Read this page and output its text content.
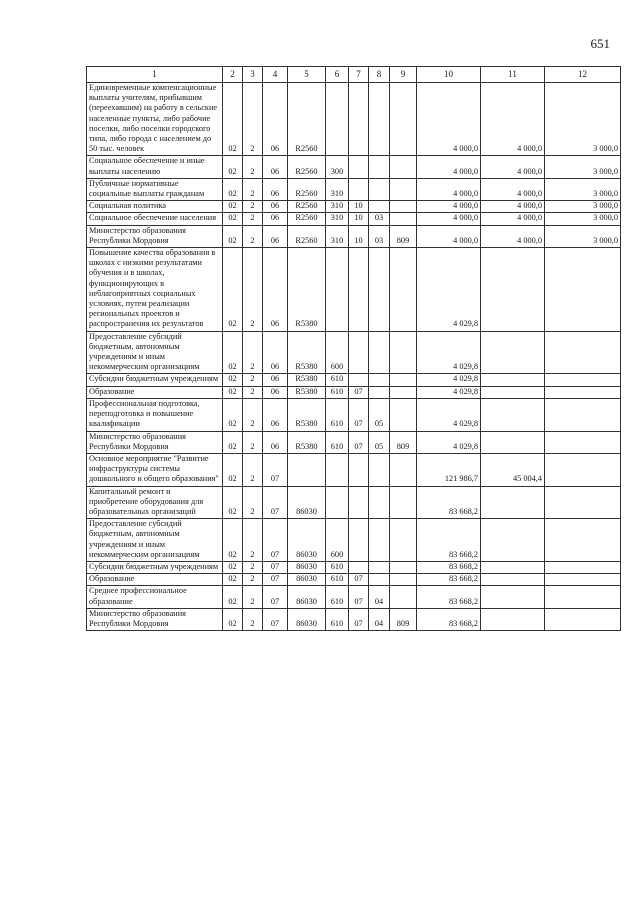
651
1	2	3	4	5	6	7	8	9	10	11	12
Единовременные компенсационные выплаты учителям, прибывшим (переехавшим) на работу в сельские населенные пункты, либо рабочие поселки, либо поселки городского типа, либо города с населением до 50 тыс. человек	02	2	06	R2560					4 000,0	4 000,0	3 000,0
Социальное обеспечение и иные выплаты населению	02	2	06	R2560	300				4 000,0	4 000,0	3 000,0
Публичные нормативные социальные выплаты гражданам	02	2	06	R2560	310				4 000,0	4 000,0	3 000,0
Социальная политика	02	2	06	R2560	310	10			4 000,0	4 000,0	3 000,0
Социальное обеспечение населения	02	2	06	R2560	310	10	03		4 000,0	4 000,0	3 000,0
Министерство образования Республики Мордовия	02	2	06	R2560	310	10	03	809	4 000,0	4 000,0	3 000,0
Повышение качества образования в школах с низкими результатами обучения и в школах, функционирующих в неблагоприятных социальных условиях, путем реализации региональных проектов и распространения их результатов	02	2	06	R5380					4 029,8		
Предоставление субсидий бюджетным, автономным учреждениям и иным некоммерческим организациям	02	2	06	R5380	600				4 029,8		
Субсидии бюджетным учреждениям	02	2	06	R5380	610				4 029,8		
Образование	02	2	06	R5380	610	07			4 029,8		
Профессиональная подготовка, переподготовка и повышение квалификации	02	2	06	R5380	610	07	05		4 029,8		
Министерство образования Республики Мордовия	02	2	06	R5380	610	07	05	809	4 029,8		
Основное мероприятие "Развитие инфраструктуры системы дошкольного и общего образования"	02	2	07						121 986,7	45 004,4	
Капитальный ремонт и приобретение оборудования для образовательных организаций	02	2	07	86030					83 668,2		
Предоставление субсидий бюджетным, автономным учреждениям и иным некоммерческим организациям	02	2	07	86030	600				83 668,2		
Субсидии бюджетным учреждениям	02	2	07	86030	610				83 668,2		
Образование	02	2	07	86030	610	07			83 668,2		
Среднее профессиональное образование	02	2	07	86030	610	07	04		83 668,2		
Министерство образования Республики Мордовия	02	2	07	86030	610	07	04	809	83 668,2		
